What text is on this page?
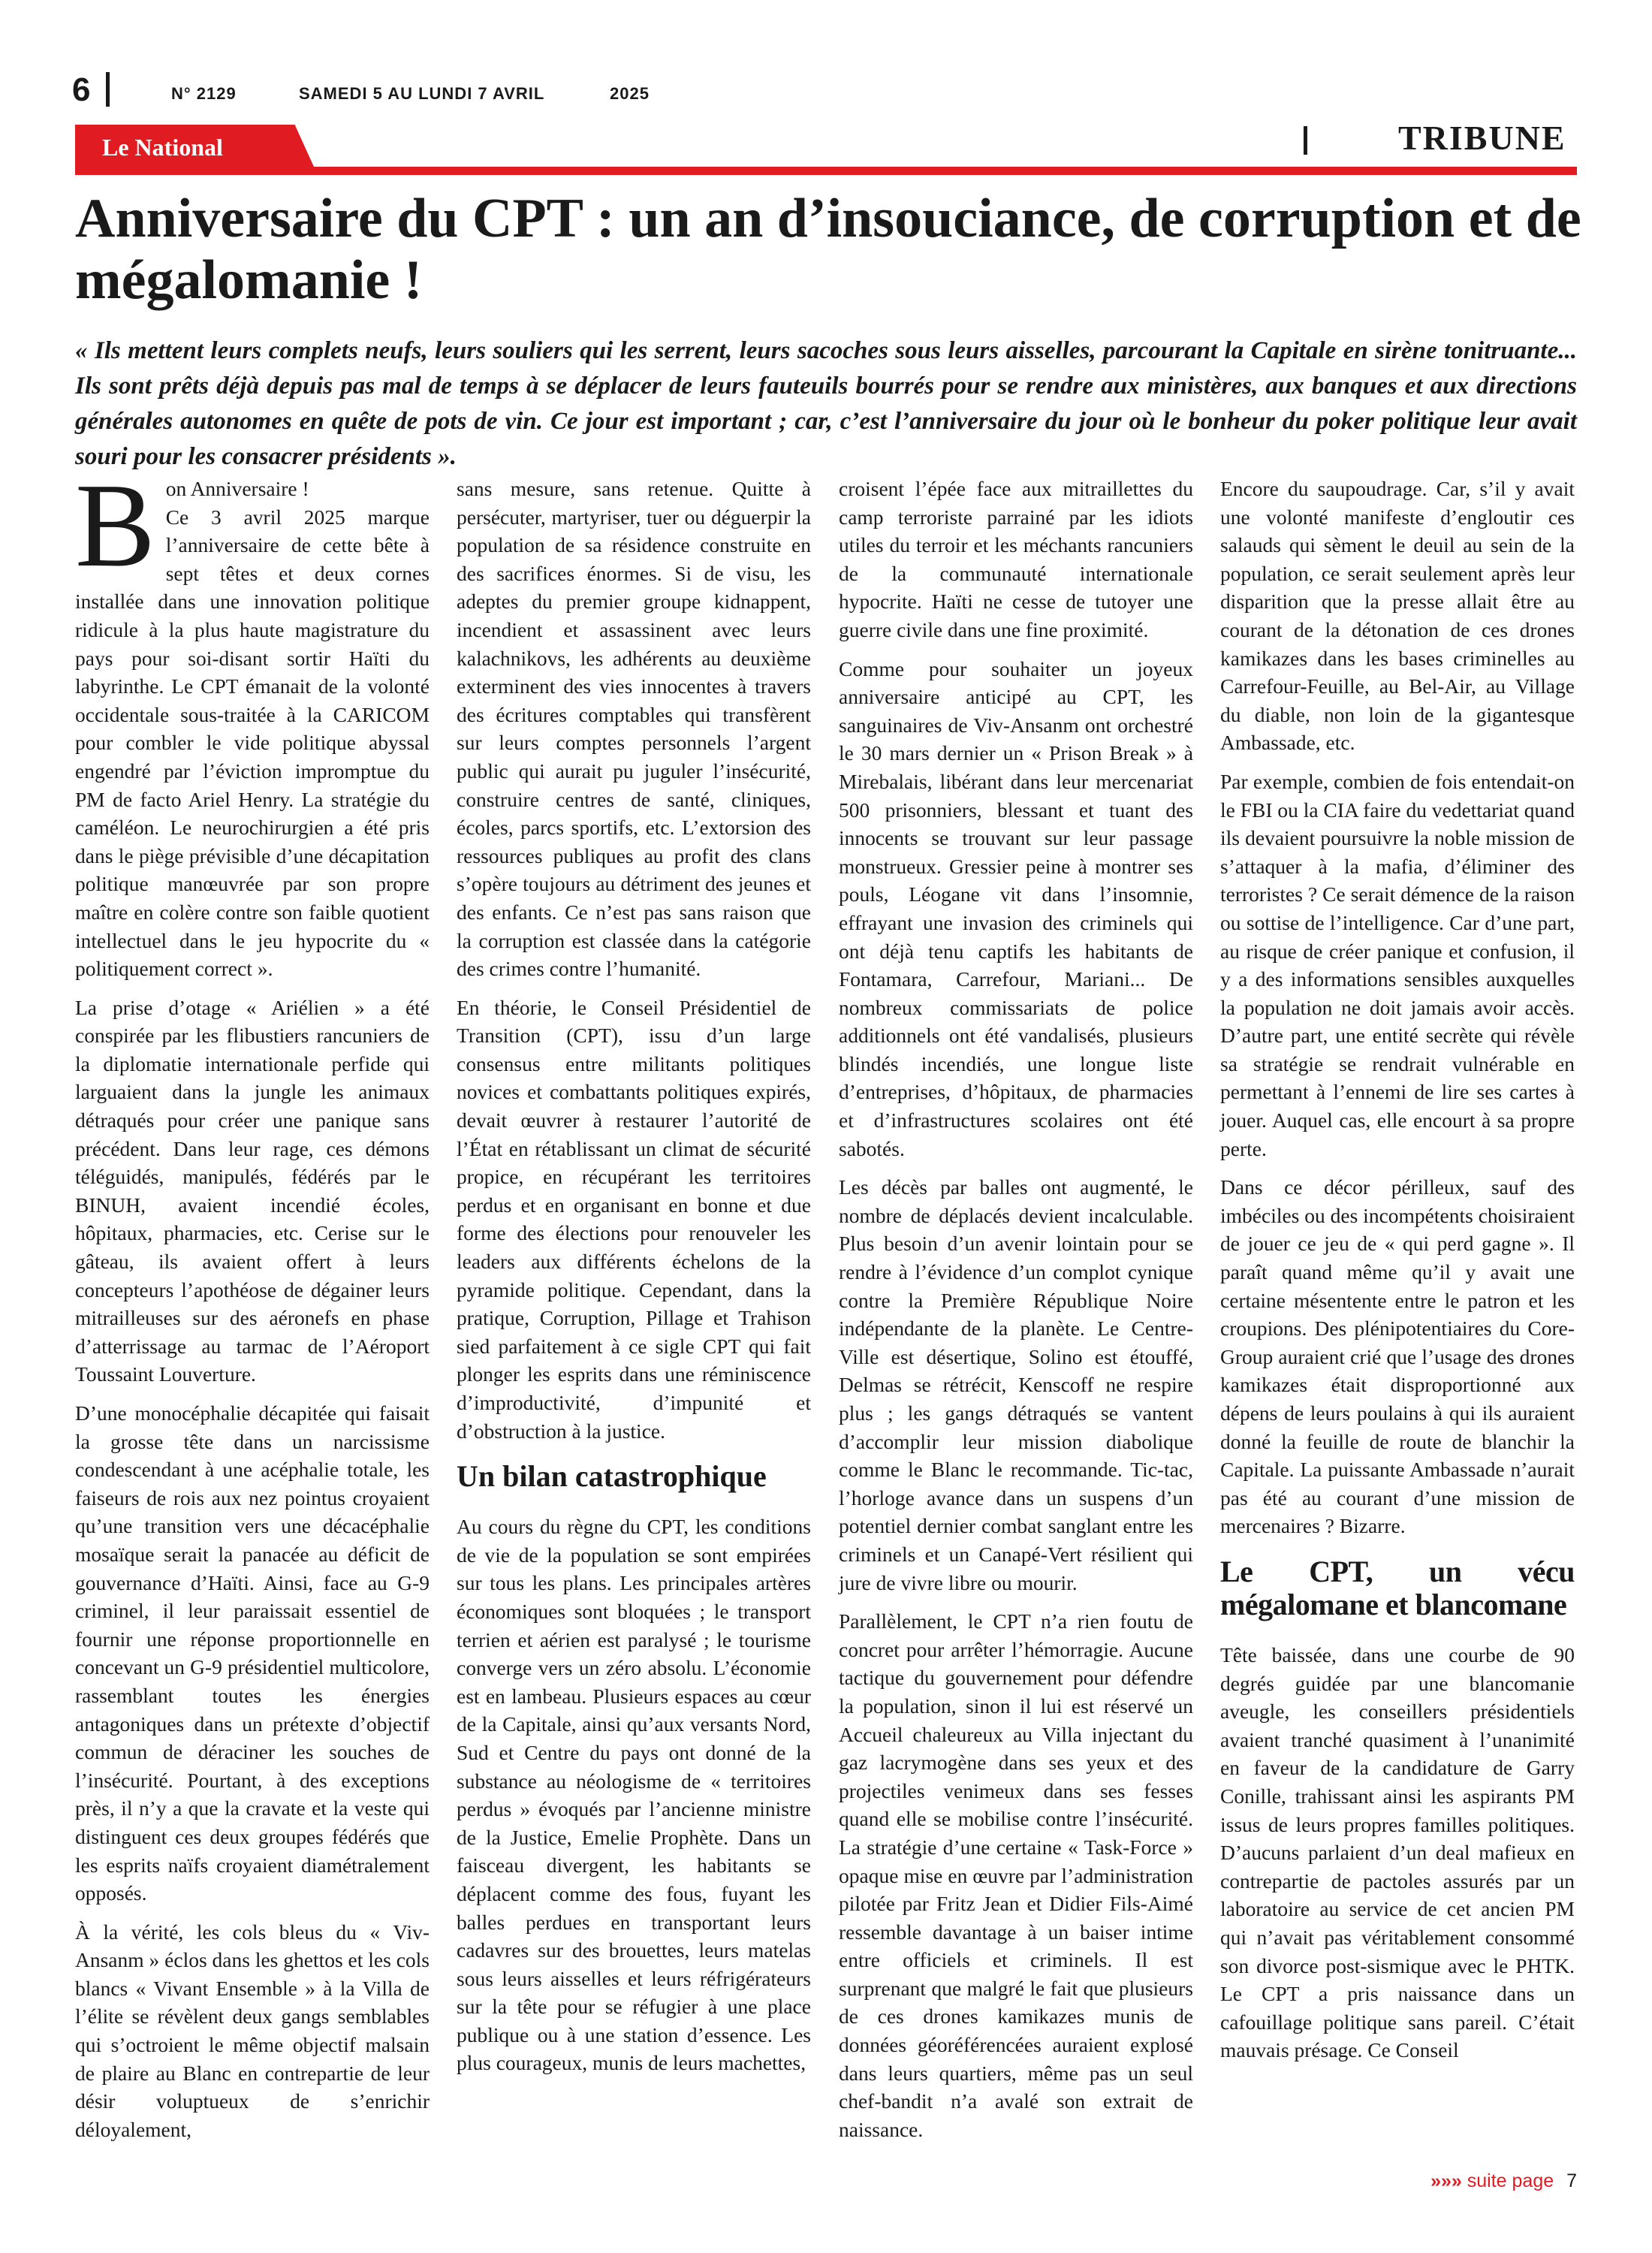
6	N° 2129	SAMEDI 5 AU LUNDI 7 AVRIL	2025
Le National	TRIBUNE
Anniversaire du CPT : un an d’insouciance, de corruption et de mégalomanie !

« Ils mettent leurs complets neufs, leurs souliers qui les serrent, leurs sacoches sous leurs aisselles, parcourant la Capitale en sirène tonitruante... Ils sont prêts déjà depuis pas mal de temps à se déplacer de leurs fauteuils bourrés pour se rendre aux ministères, aux banques et aux directions générales autonomes en quête de pots de vin. Ce jour est important ; car, c’est l’anniversaire du jour où le bonheur du poker politique leur avait souri pour les consacrer présidents ».

B on Anniversaire !

Ce 3 avril 2025 marque l’anniversaire de cette bête à sept têtes et deux cornes installée dans une innovation politique ridicule à la plus haute magistrature du pays pour soi-disant sortir Haïti du labyrinthe. Le CPT émanait de la volonté occidentale sous-traitée à la CARICOM pour combler le vide politique abyssal engendré par l’éviction impromptue du PM de facto Ariel Henry. La stratégie du caméléon. Le neurochirurgien a été pris dans le piège prévisible d’une décapitation politique manœuvrée par son propre maître en colère contre son faible quotient intellectuel dans le jeu hypocrite du « politiquement correct ».

La prise d’otage « Ariélien » a été conspirée par les flibustiers rancuniers de la diplomatie internationale perfide qui larguaient dans la jungle les animaux détraqués pour créer une panique sans précédent. Dans leur rage, ces démons téléguidés, manipulés, fédérés par le BINUH, avaient incendié écoles, hôpitaux, pharmacies, etc. Cerise sur le gâteau, ils avaient offert à leurs concepteurs l’apothéose de dégainer leurs mitrailleuses sur des aéronefs en phase d’atterrissage au tarmac de l’Aéroport Toussaint Louverture.

D’une monocéphalie décapitée qui faisait la grosse tête dans un narcissisme condescendant à une acéphalie totale, les faiseurs de rois aux nez pointus croyaient qu’une transition vers une décacéphalie mosaïque serait la panacée au déficit de gouvernance d’Haïti. Ainsi, face au G-9 criminel, il leur paraissait essentiel de fournir une réponse proportionnelle en concevant un G-9 présidentiel multicolore, rassemblant toutes les énergies antagoniques dans un prétexte d’objectif commun de déraciner les souches de l’insécurité. Pourtant, à des exceptions près, il n’y a que la cravate et la veste qui distinguent ces deux groupes fédérés que les esprits naïfs croyaient diamétralement opposés.

À la vérité, les cols bleus du « Viv-Ansanm » éclos dans les ghettos et les cols blancs « Vivant Ensemble » à la Villa de l’élite se révèlent deux gangs semblables qui s’octroient le même objectif malsain de plaire au Blanc en contrepartie de leur désir voluptueux de s’enrichir déloyalement,

sans mesure, sans retenue. Quitte à persécuter, martyriser, tuer ou déguerpir la population de sa résidence construite en des sacrifices énormes. Si de visu, les adeptes du premier groupe kidnappent, incendient et assassinent avec leurs kalachnikovs, les adhérents au deuxième exterminent des vies innocentes à travers des écritures comptables qui transfèrent sur leurs comptes personnels l’argent public qui aurait pu juguler l’insécurité, construire centres de santé, cliniques, écoles, parcs sportifs, etc. L’extorsion des ressources publiques au profit des clans s’opère toujours au détriment des jeunes et des enfants. Ce n’est pas sans raison que la corruption est classée dans la catégorie des crimes contre l’humanité.

En théorie, le Conseil Présidentiel de Transition (CPT), issu d’un large consensus entre militants politiques novices et combattants politiques expirés, devait œuvrer à restaurer l’autorité de l’État en rétablissant un climat de sécurité propice, en récupérant les territoires perdus et en organisant en bonne et due forme des élections pour renouveler les leaders aux différents échelons de la pyramide politique. Cependant, dans la pratique, Corruption, Pillage et Trahison sied parfaitement à ce sigle CPT qui fait plonger les esprits dans une réminiscence d’improductivité, d’impunité et d’obstruction à la justice.

Un bilan catastrophique

Au cours du règne du CPT, les conditions de vie de la population se sont empirées sur tous les plans. Les principales artères économiques sont bloquées ; le transport terrien et aérien est paralysé ; le tourisme converge vers un zéro absolu. L’économie est en lambeau. Plusieurs espaces au cœur de la Capitale, ainsi qu’aux versants Nord, Sud et Centre du pays ont donné de la substance au néologisme de « territoires perdus » évoqués par l’ancienne ministre de la Justice, Emelie Prophète. Dans un faisceau divergent, les habitants se déplacent comme des fous, fuyant les balles perdues en transportant leurs cadavres sur des brouettes, leurs matelas sous leurs aisselles et leurs réfrigérateurs sur la tête pour se réfugier à une place publique ou à une station d’essence. Les plus courageux, munis de leurs machettes,

croisent l’épée face aux mitraillettes du camp terroriste parrainé par les idiots utiles du terroir et les méchants rancuniers de la communauté internationale hypocrite. Haïti ne cesse de tutoyer une guerre civile dans une fine proximité.

Comme pour souhaiter un joyeux anniversaire anticipé au CPT, les sanguinaires de Viv-Ansanm ont orchestré le 30 mars dernier un « Prison Break » à Mirebalais, libérant dans leur mercenariat 500 prisonniers, blessant et tuant des innocents se trouvant sur leur passage monstrueux. Gressier peine à montrer ses pouls, Léogane vit dans l’insomnie, effrayant une invasion des criminels qui ont déjà tenu captifs les habitants de Fontamara, Carrefour, Mariani... De nombreux commissariats de police additionnels ont été vandalisés, plusieurs blindés incendiés, une longue liste d’entreprises, d’hôpitaux, de pharmacies et d’infrastructures scolaires ont été sabotés.

Les décès par balles ont augmenté, le nombre de déplacés devient incalculable. Plus besoin d’un avenir lointain pour se rendre à l’évidence d’un complot cynique contre la Première République Noire indépendante de la planète. Le Centre-Ville est désertique, Solino est étouffé, Delmas se rétrécit, Kenscoff ne respire plus ; les gangs détraqués se vantent d’accomplir leur mission diabolique comme le Blanc le recommande. Tic-tac, l’horloge avance dans un suspens d’un potentiel dernier combat sanglant entre les criminels et un Canapé-Vert résilient qui jure de vivre libre ou mourir.

Parallèlement, le CPT n’a rien foutu de concret pour arrêter l’hémorragie. Aucune tactique du gouvernement pour défendre la population, sinon il lui est réservé un Accueil chaleureux au Villa injectant du gaz lacrymogène dans ses yeux et des projectiles venimeux dans ses fesses quand elle se mobilise contre l’insécurité. La stratégie d’une certaine « Task-Force » opaque mise en œuvre par l’administration pilotée par Fritz Jean et Didier Fils-Aimé ressemble davantage à un baiser intime entre officiels et criminels. Il est surprenant que malgré le fait que plusieurs de ces drones kamikazes munis de données géoréférencées auraient explosé dans leurs quartiers, même pas un seul chef-bandit n’a avalé son extrait de naissance.

Encore du saupoudrage. Car, s’il y avait une volonté manifeste d’engloutir ces salauds qui sèment le deuil au sein de la population, ce serait seulement après leur disparition que la presse allait être au courant de la détonation de ces drones kamikazes dans les bases criminelles au Carrefour-Feuille, au Bel-Air, au Village du diable, non loin de la gigantesque Ambassade, etc.

Par exemple, combien de fois entendait-on le FBI ou la CIA faire du vedettariat quand ils devaient poursuivre la noble mission de s’attaquer à la mafia, d’éliminer des terroristes ? Ce serait démence de la raison ou sottise de l’intelligence. Car d’une part, au risque de créer panique et confusion, il y a des informations sensibles auxquelles la population ne doit jamais avoir accès. D’autre part, une entité secrète qui révèle sa stratégie se rendrait vulnérable en permettant à l’ennemi de lire ses cartes à jouer. Auquel cas, elle encourt à sa propre perte.

Dans ce décor périlleux, sauf des imbéciles ou des incompétents choisiraient de jouer ce jeu de « qui perd gagne ». Il paraît quand même qu’il y avait une certaine mésentente entre le patron et les croupions. Des plénipotentiaires du Core-Group auraient crié que l’usage des drones kamikazes était disproportionné aux dépens de leurs poulains à qui ils auraient donné la feuille de route de blanchir la Capitale. La puissante Ambassade n’aurait pas été au courant d’une mission de mercenaires ? Bizarre.

Le CPT, un vécu mégalomane et blancomane

Tête baissée, dans une courbe de 90 degrés guidée par une blancomanie aveugle, les conseillers présidentiels avaient tranché quasiment à l’unanimité en faveur de la candidature de Garry Conille, trahissant ainsi les aspirants PM issus de leurs propres familles politiques. D’aucuns parlaient d’un deal mafieux en contrepartie de pactoles assurés par un laboratoire au service de cet ancien PM qui n’avait pas véritablement consommé son divorce post-sismique avec le PHTK. Le CPT a pris naissance dans un cafouillage politique sans pareil. C’était mauvais présage. Ce Conseil

»»» suite page 7
